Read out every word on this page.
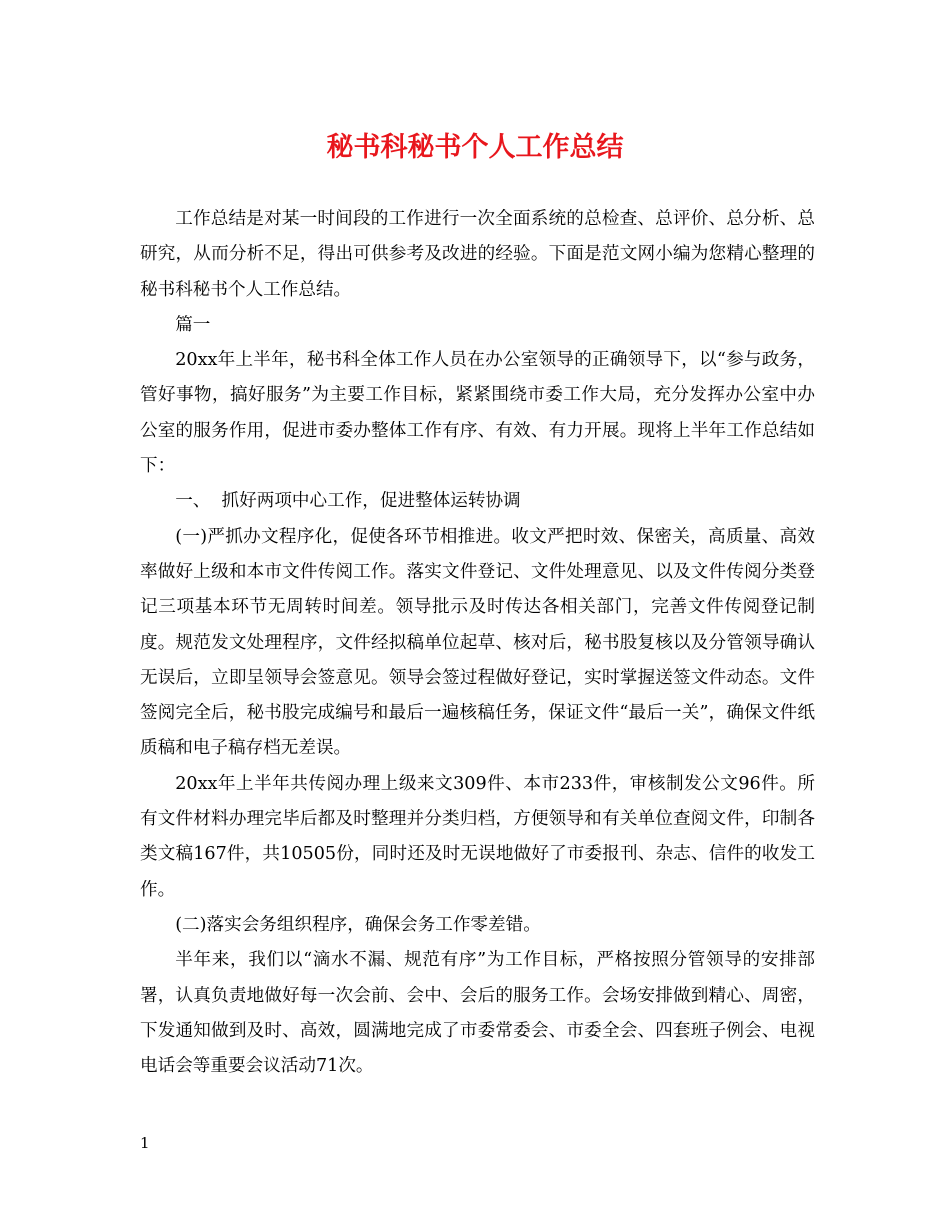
秘书科秘书个人工作总结

工作总结是对某一时间段的工作进行一次全面系统的总检查、总评价、总分析、总研究，从而分析不足，得出可供参考及改进的经验。下面是范文网小编为您精心整理的秘书科秘书个人工作总结。

篇一

20xx年上半年，秘书科全体工作人员在办公室领导的正确领导下，以“参与政务，管好事物，搞好服务”为主要工作目标，紧紧围绕市委工作大局，充分发挥办公室中办公室的服务作用，促进市委办整体工作有序、有效、有力开展。现将上半年工作总结如下：

一、  抓好两项中心工作，促进整体运转协调

(一)严抓办文程序化，促使各环节相推进。收文严把时效、保密关，高质量、高效率做好上级和本市文件传阅工作。落实文件登记、文件处理意见、以及文件传阅分类登记三项基本环节无周转时间差。领导批示及时传达各相关部门，完善文件传阅登记制度。规范发文处理程序，文件经拟稿单位起草、核对后，秘书股复核以及分管领导确认无误后，立即呈领导会签意见。领导会签过程做好登记，实时掌握送签文件动态。文件签阅完全后，秘书股完成编号和最后一遍核稿任务，保证文件“最后一关”，确保文件纸质稿和电子稿存档无差误。

20xx年上半年共传阅办理上级来文309件、本市233件，审核制发公文96件。所有文件材料办理完毕后都及时整理并分类归档，方便领导和有关单位查阅文件，印制各类文稿167件，共10505份，同时还及时无误地做好了市委报刊、杂志、信件的收发工作。

(二)落实会务组织程序，确保会务工作零差错。

半年来，我们以“滴水不漏、规范有序”为工作目标，严格按照分管领导的安排部署，认真负责地做好每一次会前、会中、会后的服务工作。会场安排做到精心、周密，下发通知做到及时、高效，圆满地完成了市委常委会、市委全会、四套班子例会、电视电话会等重要会议活动71次。

1
